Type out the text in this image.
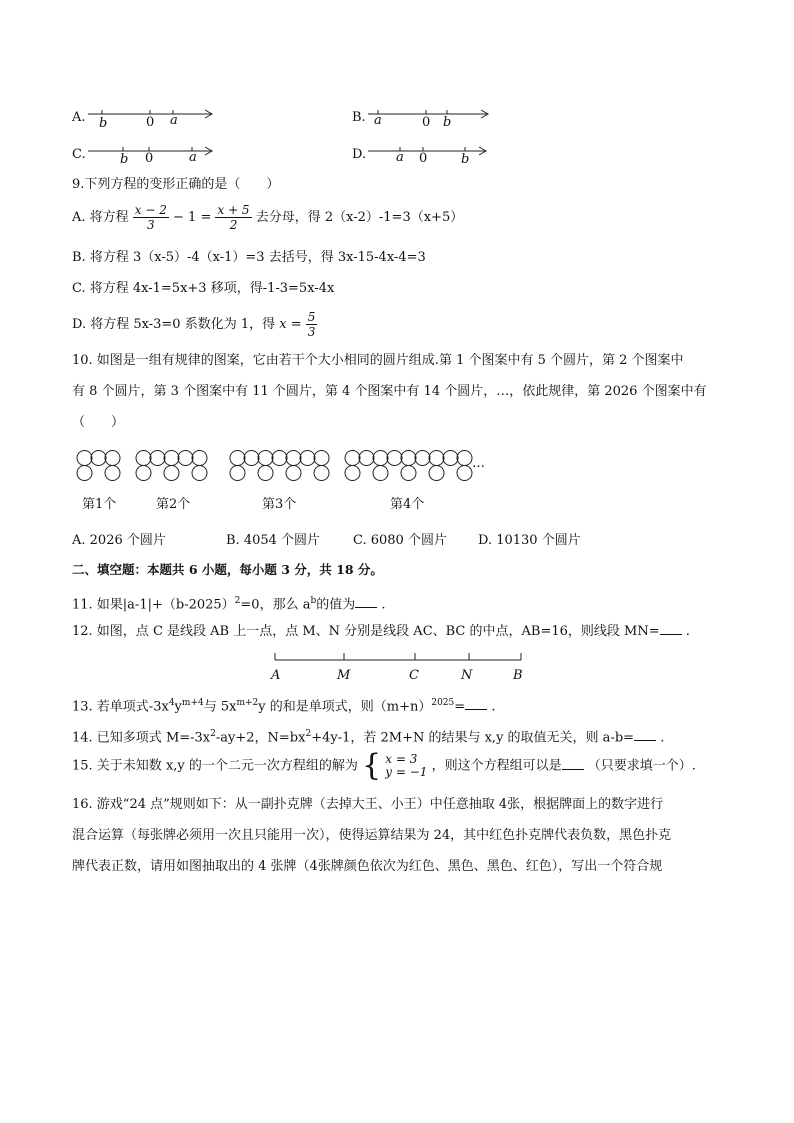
A. b	0 a	B. a	0 b
C.	b 0	a	D. a 0	b
9.下列方程的变形正确的是（　　）
A. 将方程 $\frac{x - 2}{3} - 1 = \frac{x + 5}{2}$ 去分母，得 2（x-2）-1=3（x+5）
B. 将方程 3（x-5）-4（x-1）=3 去括号，得 3x-15-4x-4=3
C. 将方程 4x-1=5x+3 移项，得-1-3=5x-4x
D. 将方程 5x-3=0 系数化为 1，得 $x = \frac{5}{3}$
10. 如图是一组有规律的图案，它由若干个大小相同的圆片组成.第 1 个图案中有 5 个圆片，第 2 个图案中
有 8 个圆片，第 3 个图案中有 11 个圆片，第 4 个图案中有 14 个圆片，…，依此规律，第 2026 个图案中有
（　　）
…
第1个	第2个	第3个	第4个
A. 2026 个圆片	B. 4054 个圆片	C. 6080 个圆片 D. 10130 个圆片
二、填空题：本题共 6 小题，每小题 3 分，共 18 分。
11. 如果$|a-1|+(b-2025)^2=0$，那么 $a^b$的值为 .
12. 如图，点 C 是线段 AB 上一点，点 M、N 分别是线段 AC、BC 的中点，AB=16，则线段 MN= .
A	M	C	N	B
13. 若单项式$-3x^4y^{m+4}$与 $5x^{m+2}y$ 的和是单项式，则$(m+n)^{2025}=$ .
14. 已知多项式 $M=-3x^2-ay+2$，$N=bx^2+4y-1$，若 2M+N 的结果与 x,y 的取值无关，则 a-b= .
15. 关于未知数 x,y 的一个二元一次方程组的解为 { x = 3
y = −1 ，则这个方程组可以是 （只要求填一个）.
16. 游戏“24 点”规则如下：从一副扑克牌（去掉大王、小王）中任意抽取 4张，根据牌面上的数字进行
混合运算（每张牌必须用一次且只能用一次），使得运算结果为 24，其中红色扑克牌代表负数，黑色扑克
牌代表正数，请用如图抽取出的 4 张牌（4张牌颜色依次为红色、黑色、黑色、红色），写出一个符合规
